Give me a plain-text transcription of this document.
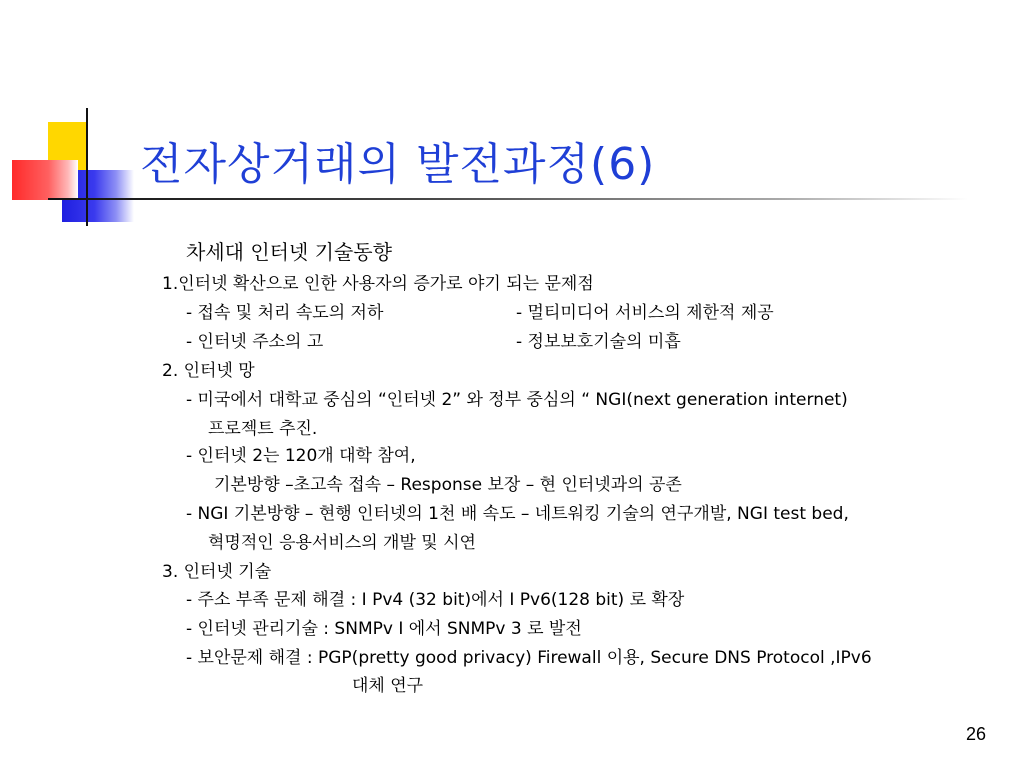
전자상거래의 발전과정(6)
차세대 인터넷 기술동향
1.인터넷 확산으로 인한 사용자의 증가로 야기 되는 문제점
- 접속 및 처리 속도의 저하	- 멀티미디어 서비스의 제한적 제공
- 인터넷 주소의 고	- 정보보호기술의 미흡
2. 인터넷 망
- 미국에서 대학교 중심의 “인터넷 2” 와 정부 중심의 “ NGI(next generation internet)
프로젝트 추진.
- 인터넷 2는 120개 대학 참여,
기본방향 –초고속 접속 – Response 보장 – 현 인터넷과의 공존
- NGI 기본방향 – 현행 인터넷의 1천 배 속도 – 네트워킹 기술의 연구개발, NGI test bed,
혁명적인 응용서비스의 개발 및 시연
3. 인터넷 기술
- 주소 부족 문제 해결 : I Pv4 (32 bit)에서 I Pv6(128 bit) 로 확장
- 인터넷 관리기술 : SNMPv I 에서 SNMPv 3 로 발전
- 보안문제 해결 : PGP(pretty good privacy) Firewall 이용, Secure DNS Protocol ,IPv6
대체 연구
26
